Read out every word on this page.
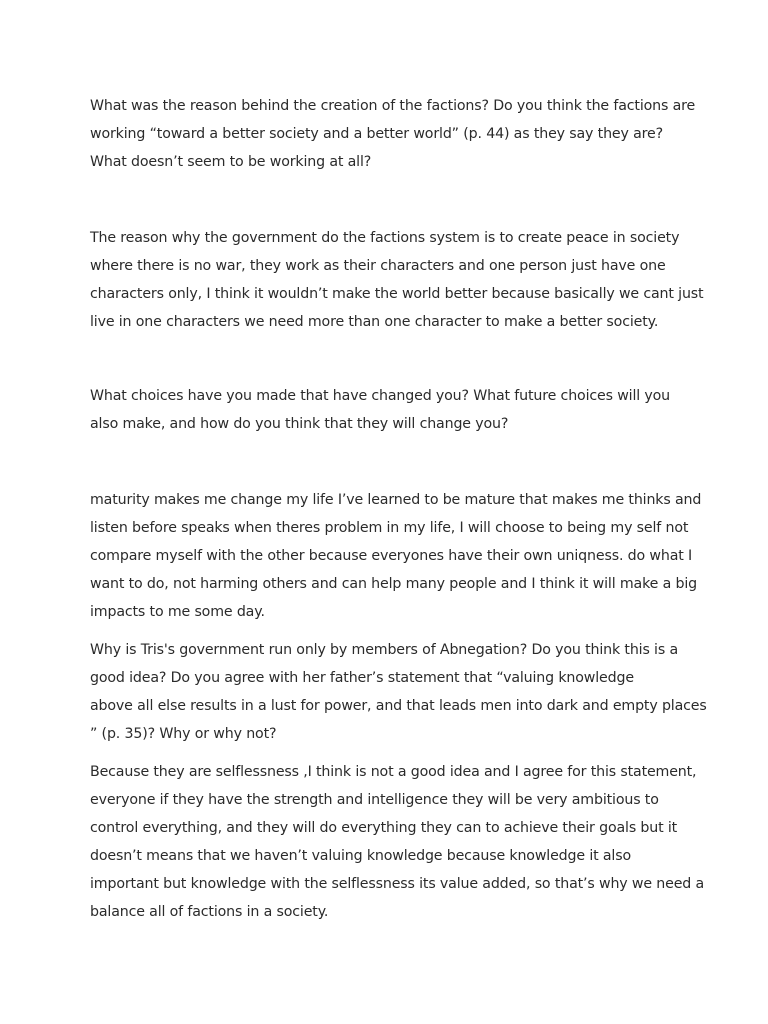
What was the reason behind the creation of the factions? Do you think the factions are

working “toward a better society and a better world” (p. 44) as they say they are?

What doesn’t seem to be working at all?

The reason why the government do the factions system is to create peace in society

where there is no war, they work as their characters and one person just have one

characters only, I think it wouldn’t make the world better because basically we cant just

live in one characters we need more than one character to make a better society.

What choices have you made that have changed you? What future choices will you

also make, and how do you think that they will change you?

maturity makes me change my life I’ve learned to be mature that makes me thinks and

listen before speaks when theres problem in my life, I will choose to being my self not

compare myself with the other because everyones have their own uniqness. do what I

want to do, not harming others and can help many people and I think it will make a big

impacts to me some day.

Why is Tris's government run only by members of Abnegation? Do you think this is a

good idea? Do you agree with her father’s statement that “valuing knowledge

above all else results in a lust for power, and that leads men into dark and empty places

” (p. 35)? Why or why not?

Because they are selflessness ,I think is not a good idea and I agree for this statement,

everyone if they have the strength and intelligence they will be very ambitious to

control everything, and they will do everything they can to achieve their goals but it

doesn’t means that we haven’t valuing knowledge because knowledge it also

important but knowledge with the selflessness its value added, so that’s why we need a

balance all of factions in a society.
